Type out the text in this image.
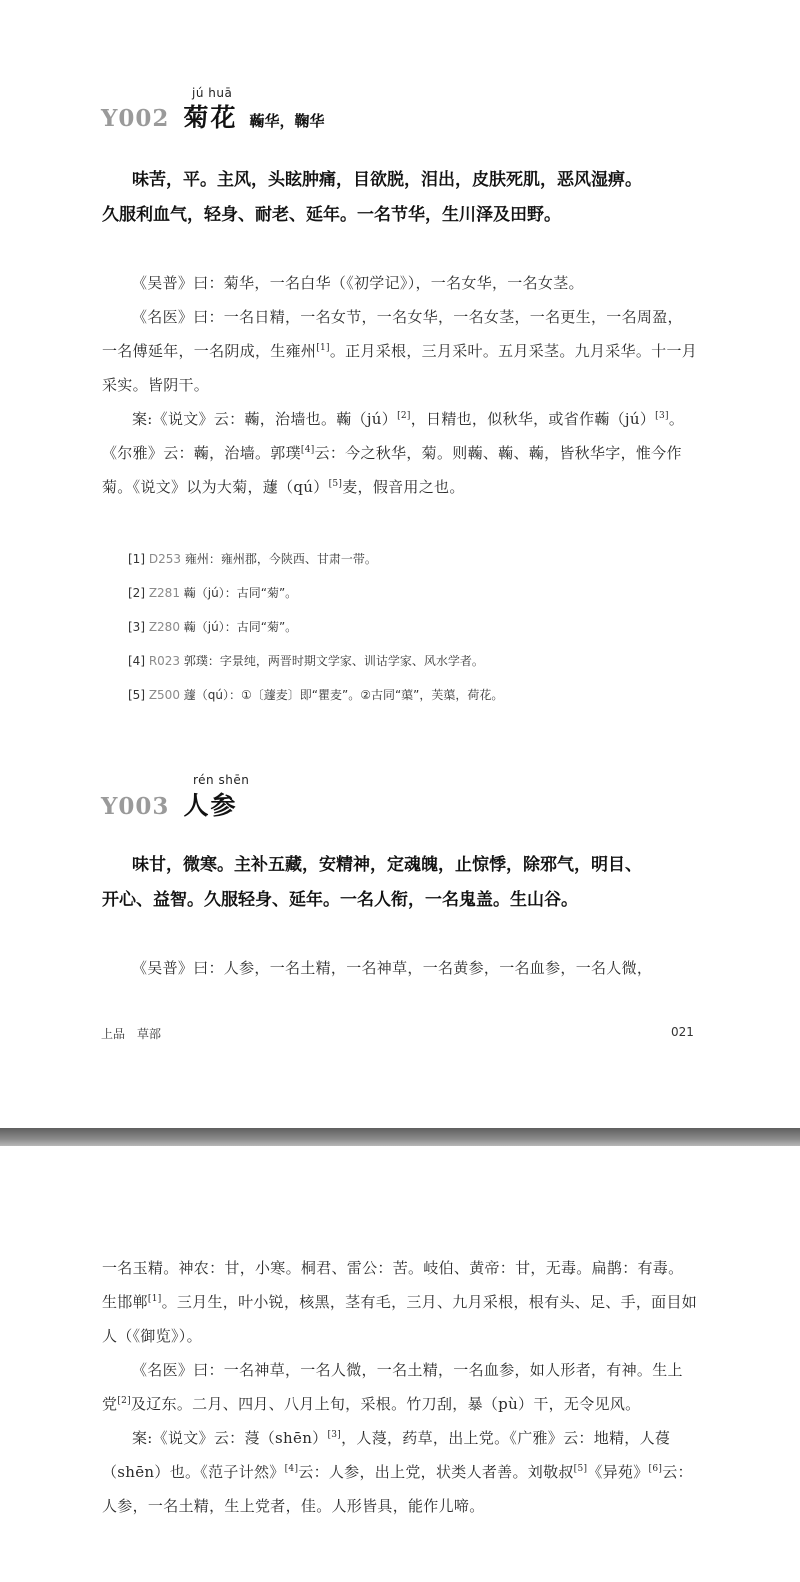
jú huā
Y002 菊花 蘜华，鞠华

味苦，平。主风，头眩肿痛，目欲脱，泪出，皮肤死肌，恶风湿痹。

久服利血气，轻身、耐老、延年。一名节华，生川泽及田野。

《吴普》曰：菊华，一名白华（《初学记》），一名女华，一名女茎。

《名医》曰：一名日精，一名女节，一名女华，一名女茎，一名更生，一名周盈，一名傅延年，一名阴成，生雍州[1]。正月采根，三月采叶。五月采茎。九月采华。十一月采实。皆阴干。

案:《说文》云：蘜，治墙也。蘜（jú）[2]，日精也，似秋华，或省作蘜（jú）[3]。《尔雅》云：蘜，治墙。郭璞[4]云：今之秋华，菊。则蘜、蘜、蘜，皆秋华字，惟今作菊。《说文》以为大菊，蘧（qú）[5]麦，假音用之也。

[1] D253 雍州：雍州郡，今陕西、甘肃一带。
[2] Z281 蘜（jú）：古同“菊”。
[3] Z280 蘜（jú）：古同“菊”。
[4] R023 郭璞：字景纯，两晋时期文学家、训诂学家、风水学者。
[5] Z500 蘧（qú）：①〔蘧麦〕即“瞿麦”。②古同“蕖”，芙蕖，荷花。
rén shēn
Y003 人参

味甘，微寒。主补五藏，安精神，定魂魄，止惊悸，除邪气，明目、

开心、益智。久服轻身、延年。一名人衔，一名鬼盖。生山谷。

《吴普》曰：人参，一名土精，一名神草，一名黄参，一名血参，一名人微，

上品　草部	021

一名玉精。神农：甘，小寒。桐君、雷公：苦。岐伯、黄帝：甘，无毒。扁鹊：有毒。生邯郸[1]。三月生，叶小锐，核黑，茎有毛，三月、九月采根，根有头、足、手，面目如人（《御览》）。

《名医》曰：一名神草，一名人微，一名土精，一名血参，如人形者，有神。生上党[2]及辽东。二月、四月、八月上旬，采根。竹刀刮，暴（pù）干，无令见风。

案:《说文》云：蓡（shēn）[3]，人蓡，药草，出上党。《广雅》云：地精，人葠（shēn）也。《范子计然》[4]云：人参，出上党，状类人者善。刘敬叔[5]《异苑》[6]云：人参，一名土精，生上党者，佳。人形皆具，能作儿啼。
